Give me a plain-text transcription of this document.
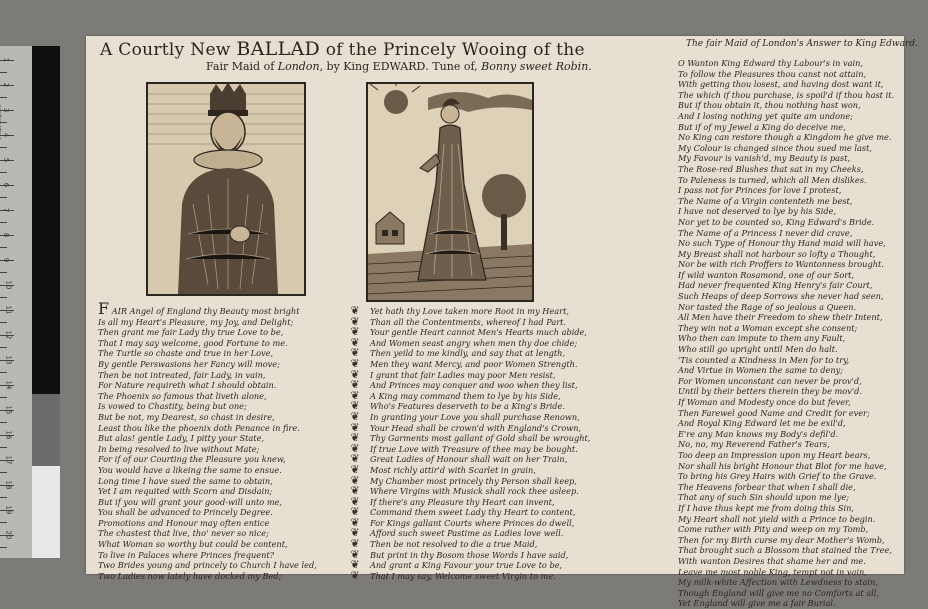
1
2
3
4
5
6
7
8
9
10
11
12
13
14
15
16
17
18
19
20
A Courtly New BALLAD of the Princely Wooing of the
Fair Maid of London, by King EDWARD. Tune of, Bonny sweet Robin.
F AIR Angel of England thy Beauty most bright

Is all my Heart's Pleasure, my Joy, and Delight;
Then grant me fair Lady thy true Love to be,
That I may say welcome, good Fortune to me.
The Turtle so chaste and true in her Love,
By gentle Perswasions her Fancy will move;
Then be not intreated, fair Lady, in vain,
For Nature requireth what I should obtain.
The Phoenix so famous that liveth alone,
Is vowed to Chastity, being but one;
But be not, my Dearest, so chast in desire,
Least thou like the phoenix doth Penance in fire.
But alas! gentle Lady, I pitty your State,
In being resolved to live without Mate;
For if of our Courting the Pleasure you knew,
You would have a likeing the same to ensue.
Long time I have sued the same to obtain,
Yet I am requited with Scorn and Disdain;
But if you will grant your good-will unto me,
You shall be advanced to Princely Degree.
Promotions and Honour may often entice
The chastest that live, tho' never so nice;
What Woman so worthy but could be content,
To live in Palaces where Princes frequent?
Two Brides young and princely to Church I have led,
Two Ladies now lately have docked my Bed;
❦
❦
❦
❦
❦
❦
❦
❦
❦
❦
❦
❦
❦
❦
❦
❦
❦
❦
❦
❦
❦
❦
❦
❦
❦
❦
Yet hath thy Love taken more Root in my Heart,
Than all the Contentments, whereof I had Part.
Your gentle Heart cannot Men's Hearts much abide,
And Women seast angry when men thy doe chide;
Then yeild to me kindly, and say that at length,
Men they want Mercy, and poor Women Strength.
I grant that fair Ladies may poor Men resist,
And Princes may conquer and woo when they list,
A King may command them to lye by his Side,
Who's Features deserveth to be a King's Bride.
In granting your Love you shall purchase Renown,
Your Head shall be crown'd with England's Crown,
Thy Garments most gallant of Gold shall be wrought,
If true Love with Treasure of thee may be bought.
Great Ladies of Honour shall wait on her Train,
Most richly attir'd with Scarlet in grain,
My Chamber most princely thy Person shall keep,
Where Virgins with Musick shall rock thee asleep.
If there's any Pleasure thy Heart can invent,
Command them sweet Lady thy Heart to content,
For Kings gallant Courts where Princes do dwell,
Afford such sweet Pastime as Ladies love well.
Then be not resolved to die a true Maid,
But print in thy Bosom those Words I have said,
And grant a King Favour your true Love to be,
That I may say, Welcome sweet Virgin to me.
The fair Maid of London's Answer to King Edward.
O Wanton King Edward thy Labour's in vain,
To follow the Pleasures thou canst not attain,
With getting thou losest, and having dost want it,
The which if thou purchase, is spoil'd if thou hast it.
But if thou obtain it, thou nothing hast won,
And I losing nothing yet quite am undone;
But if of my Jewel a King do deceive me,
No King can restore though a Kingdom he give me.
My Colour is changed since thou sued me last,
My Favour is vanish'd, my Beauty is past,
The Rose-red Blushes that sat in my Cheeks,
To Paleness is turned, which all Men dislikes.
I pass not for Princes for love I protest,
The Name of a Virgin contenteth me best,
I have not deserved to lye by his Side,
Nor yet to be counted so, King Edward's Bride.
The Name of a Princess I never did crave,
No such Type of Honour thy Hand maid will have,
My Breast shall not harbour so lofty a Thought,
Nor be with rich Proffers to Wantonness brought.
If wild wanton Rosamond, one of our Sort,
Had never frequented King Henry's fair Court,
Such Heaps of deep Sorrows she never had seen,
Nor tasted the Rage of so jealous a Queen.
All Men have their Freedom to shew their Intent,
They win not a Woman except she consent;
Who then can impute to them any Fault,
Who still go upright until Men do halt.
'Tis counted a Kindness in Men for to try,
And Virtue in Women the same to deny;
For Women unconstant can never be prov'd,
Until by their betters therein they be mov'd.
If Woman and Modesty once do but fever,
Then Farewel good Name and Credit for ever;
And Royal King Edward let me be exil'd,
E're any Man knows my Body's defil'd.
No, no, my Reverend Father's Tears,
Too deep an Impression upon my Heart bears,
Nor shall his bright Honour that Blot for me have,
To bring his Grey Hairs with Grief to the Grave.
The Heavens forbear that when I shall die,
That any of such Sin should upon me lye;
If I have thus kept me from doing this Sin,
My Heart shall not yield with a Prince to begin.
Come rather with Pity and weep on my Tomb,
Then for my Birth curse my dear Mother's Womb,
That brought such a Blossom that stained the Tree,
With wanton Desires that shame her and me.
Leave me most noble King, tempt not in vain,
My milk-white Affection with Lewdness to stain,
Though England will give me no Comforts at all,
Yet England will give me a fair Burial.
